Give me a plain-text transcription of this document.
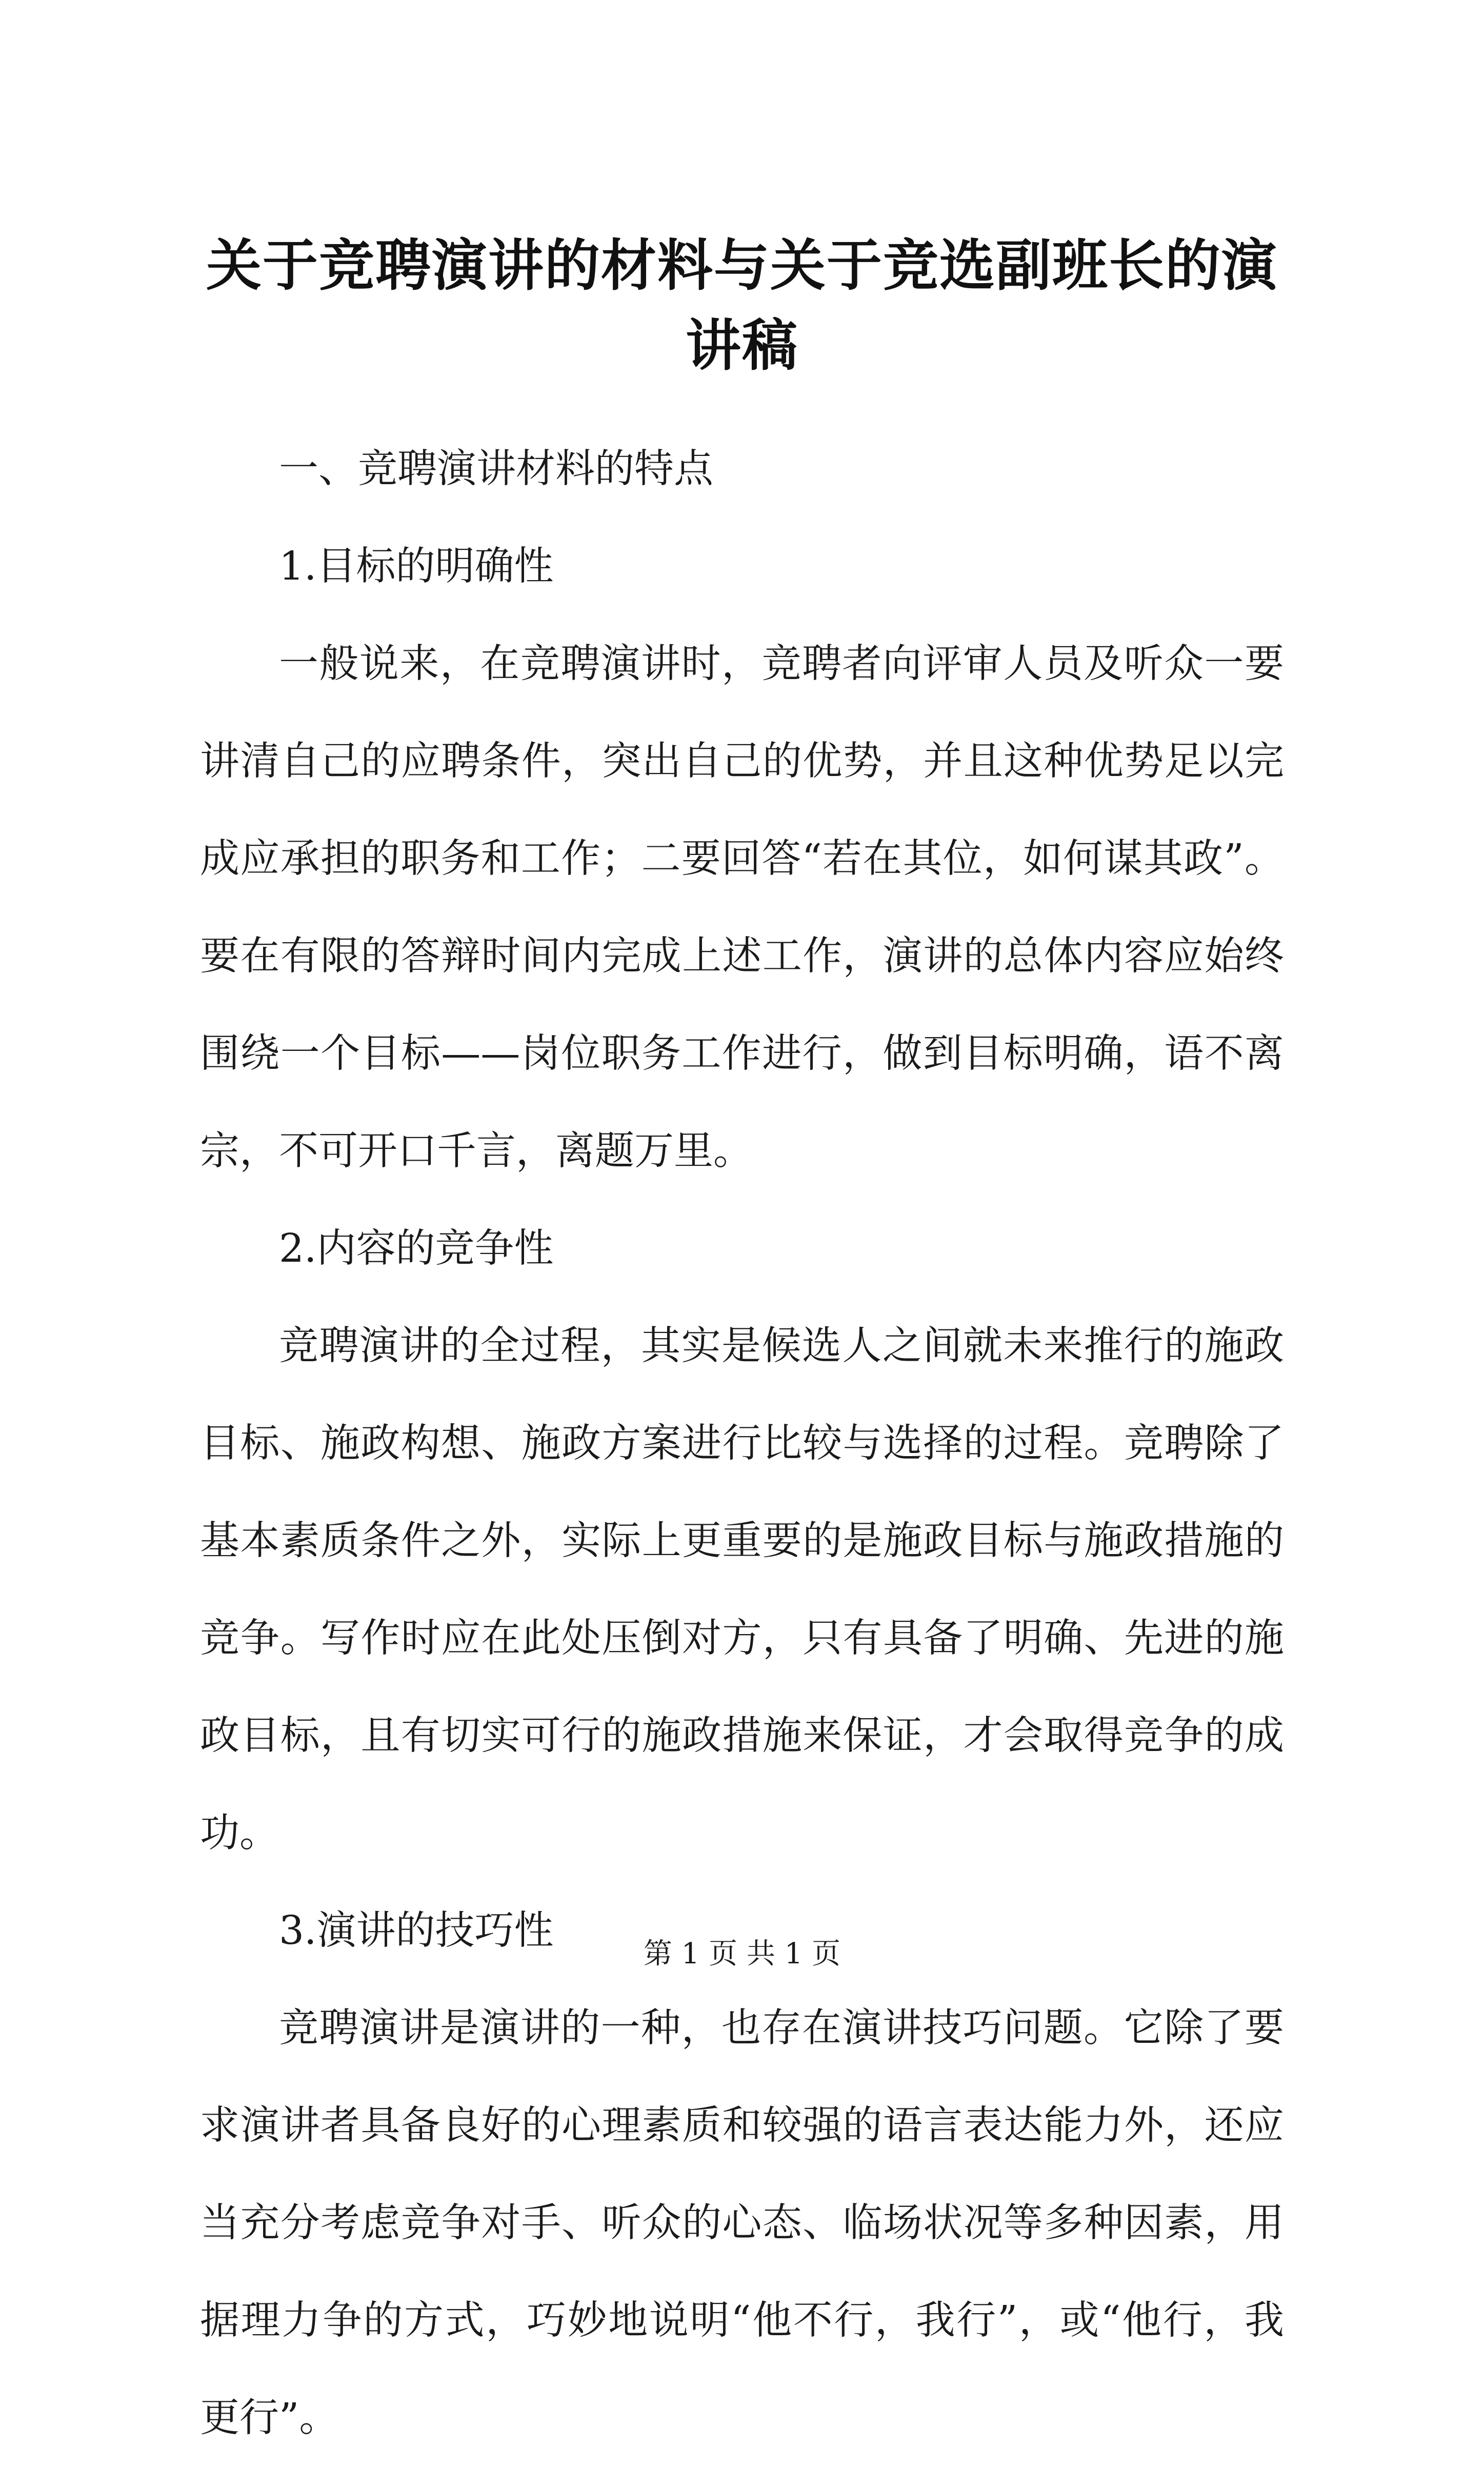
关于竞聘演讲的材料与关于竞选副班长的演讲稿

一、竞聘演讲材料的特点

1.目标的明确性

一般说来，在竞聘演讲时，竞聘者向评审人员及听众一要讲清自己的应聘条件，突出自己的优势，并且这种优势足以完成应承担的职务和工作；二要回答“若在其位，如何谋其政”。要在有限的答辩时间内完成上述工作，演讲的总体内容应始终围绕一个目标——岗位职务工作进行，做到目标明确，语不离宗，不可开口千言，离题万里。

2.内容的竞争性

竞聘演讲的全过程，其实是候选人之间就未来推行的施政目标、施政构想、施政方案进行比较与选择的过程。竞聘除了基本素质条件之外，实际上更重要的是施政目标与施政措施的竞争。写作时应在此处压倒对方，只有具备了明确、先进的施政目标，且有切实可行的施政措施来保证，才会取得竞争的成功。

3.演讲的技巧性

竞聘演讲是演讲的一种，也存在演讲技巧问题。它除了要求演讲者具备良好的心理素质和较强的语言表达能力外，还应当充分考虑竞争对手、听众的心态、临场状况等多种因素，用据理力争的方式，巧妙地说明“他不行，我行”，或“他行，我更行”。

第 1 页 共 1 页
